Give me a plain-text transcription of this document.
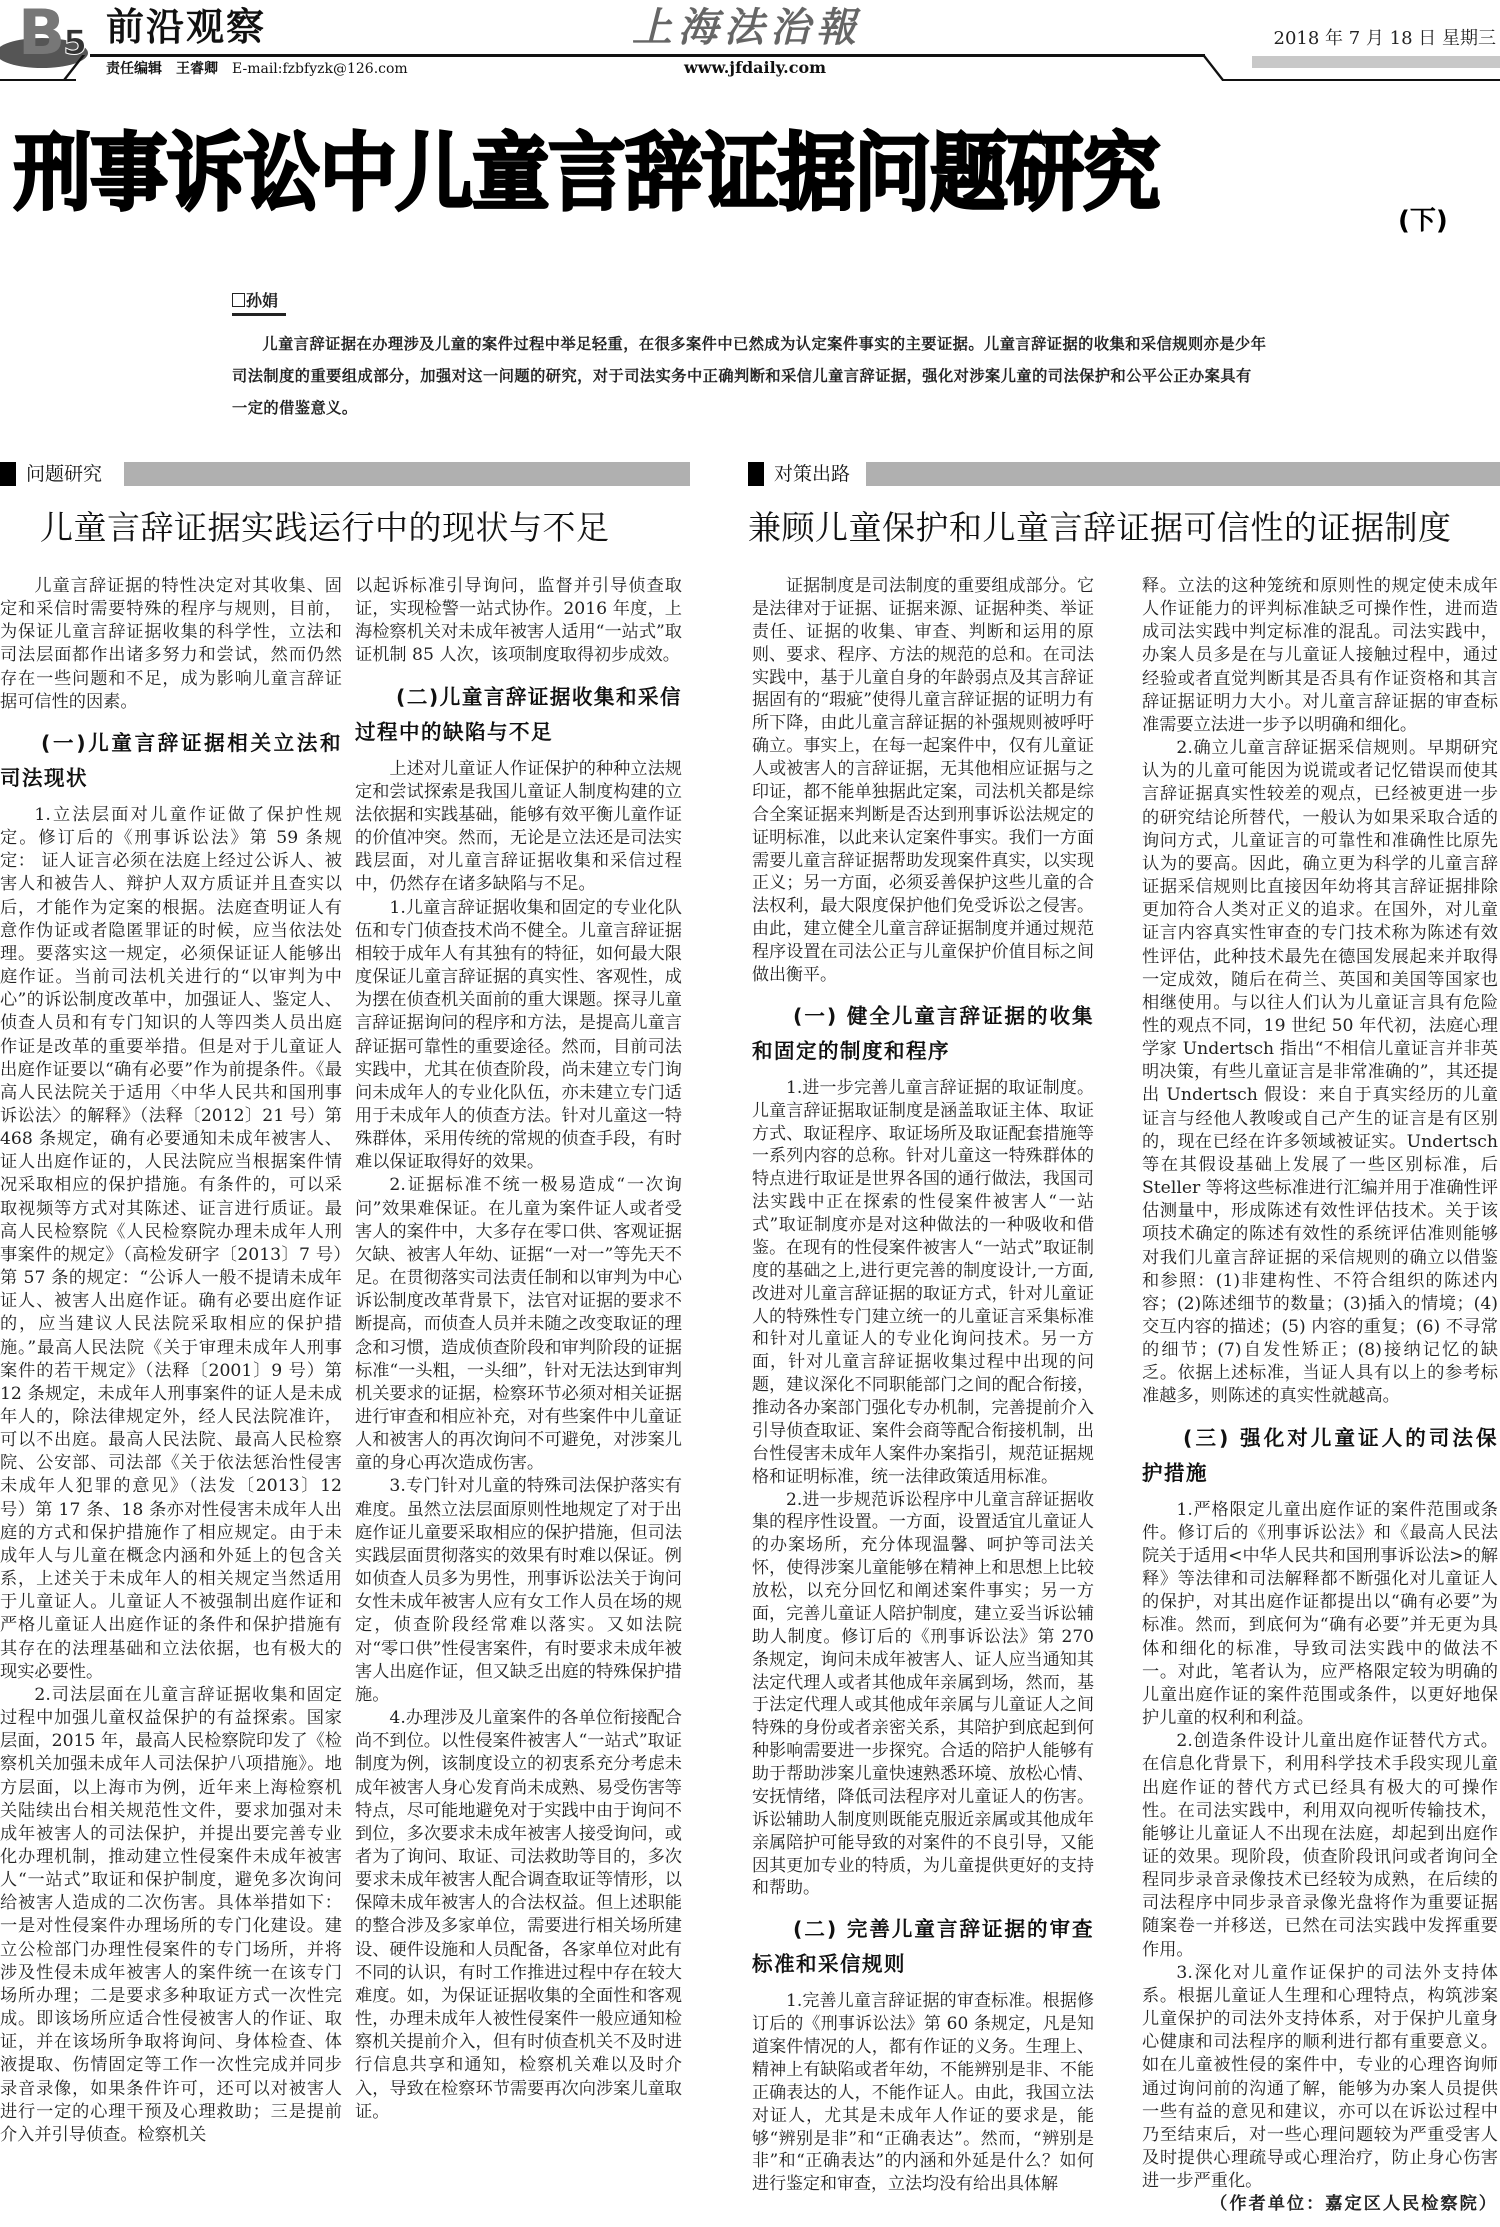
B5 前沿观察	上海法治報	2018 年 7 月 18 日 星期三
责任编辑 王睿卿 E-mail:fzbfyzk@126.com	www.jfdaily.com
刑事诉讼中儿童言辞证据问题研究	(下)
孙娟
儿童言辞证据在办理涉及儿童的案件过程中举足轻重，在很多案件中已然成为认定案件事实的主要证据。儿童言辞证据的收集和采信规则亦是少年司法制度的重要组成部分，加强对这一问题的研究，对于司法实务中正确判断和采信儿童言辞证据，强化对涉案儿童的司法保护和公平公正办案具有一定的借鉴意义。
问题研究
儿童言辞证据实践运行中的现状与不足
对策出路
兼顾儿童保护和儿童言辞证据可信性的证据制度

儿童言辞证据的特性决定对其收集、固定和采信时需要特殊的程序与规则，目前，为保证儿童言辞证据收集的科学性，立法和司法层面都作出诸多努力和尝试，然而仍然存在一些问题和不足，成为影响儿童言辞证据可信性的因素。

(一)儿童言辞证据相关立法和司法现状

1.立法层面对儿童作证做了保护性规定。修订后的《刑事诉讼法》第 59 条规定： 证人证言必须在法庭上经过公诉人、被害人和被告人、辩护人双方质证并且查实以后，才能作为定案的根据。法庭查明证人有意作伪证或者隐匿罪证的时候，应当依法处理。要落实这一规定，必须保证证人能够出庭作证。当前司法机关进行的“以审判为中心”的诉讼制度改革中，加强证人、鉴定人、侦查人员和有专门知识的人等四类人员出庭作证是改革的重要举措。但是对于儿童证人出庭作证要以“确有必要”作为前提条件。《最高人民法院关于适用〈中华人民共和国刑事诉讼法〉的解释》（法释〔2012〕21 号）第 468 条规定，确有必要通知未成年被害人、证人出庭作证的，人民法院应当根据案件情况采取相应的保护措施。有条件的，可以采取视频等方式对其陈述、证言进行质证。最高人民检察院《人民检察院办理未成年人刑事案件的规定》（高检发研字〔2013〕7 号）第 57 条的规定：“公诉人一般不提请未成年证人、被害人出庭作证。确有必要出庭作证的，应当建议人民法院采取相应的保护措施。”最高人民法院《关于审理未成年人刑事案件的若干规定》（法释〔2001〕9 号）第 12 条规定，未成年人刑事案件的证人是未成年人的，除法律规定外，经人民法院准许，可以不出庭。最高人民法院、最高人民检察院、公安部、司法部《关于依法惩治性侵害未成年人犯罪的意见》（法发〔2013〕12 号）第 17 条、18 条亦对性侵害未成年人出庭的方式和保护措施作了相应规定。由于未成年人与儿童在概念内涵和外延上的包含关系，上述关于未成年人的相关规定当然适用于儿童证人。儿童证人不被强制出庭作证和严格儿童证人出庭作证的条件和保护措施有其存在的法理基础和立法依据，也有极大的现实必要性。

2.司法层面在儿童言辞证据收集和固定过程中加强儿童权益保护的有益探索。国家层面，2015 年，最高人民检察院印发了《检察机关加强未成年人司法保护八项措施》。地方层面，以上海市为例，近年来上海检察机关陆续出台相关规范性文件，要求加强对未成年被害人的司法保护，并提出要完善专业化办理机制，推动建立性侵案件未成年被害人“一站式”取证和保护制度，避免多次询问给被害人造成的二次伤害。具体举措如下：一是对性侵案件办理场所的专门化建设。建立公检部门办理性侵案件的专门场所，并将涉及性侵未成年被害人的案件统一在该专门场所办理；二是要求多种取证方式一次性完成。即该场所应适合性侵被害人的作证、取证，并在该场所争取将询问、身体检查、体液提取、伤情固定等工作一次性完成并同步录音录像，如果条件许可，还可以对被害人进行一定的心理干预及心理救助；三是提前介入并引导侦查。检察机关

以起诉标准引导询问，监督并引导侦查取证，实现检警一站式协作。2016 年度，上海检察机关对未成年被害人适用“一站式”取证机制 85 人次，该项制度取得初步成效。

(二)儿童言辞证据收集和采信过程中的缺陷与不足

上述对儿童证人作证保护的种种立法规定和尝试探索是我国儿童证人制度构建的立法依据和实践基础，能够有效平衡儿童作证的价值冲突。然而，无论是立法还是司法实践层面，对儿童言辞证据收集和采信过程中，仍然存在诸多缺陷与不足。

1.儿童言辞证据收集和固定的专业化队伍和专门侦查技术尚不健全。儿童言辞证据相较于成年人有其独有的特征，如何最大限度保证儿童言辞证据的真实性、客观性，成为摆在侦查机关面前的重大课题。探寻儿童言辞证据询问的程序和方法，是提高儿童言辞证据可靠性的重要途径。然而，目前司法实践中，尤其在侦查阶段，尚未建立专门询问未成年人的专业化队伍，亦未建立专门适用于未成年人的侦查方法。针对儿童这一特殊群体，采用传统的常规的侦查手段，有时难以保证取得好的效果。

2.证据标准不统一极易造成“一次询问”效果难保证。在儿童为案件证人或者受害人的案件中，大多存在零口供、客观证据欠缺、被害人年幼、证据“一对一”等先天不足。在贯彻落实司法责任制和以审判为中心诉讼制度改革背景下，法官对证据的要求不断提高，而侦查人员并未随之改变取证的理念和习惯，造成侦查阶段和审判阶段的证据标准“一头粗，一头细”，针对无法达到审判机关要求的证据，检察环节必须对相关证据进行审查和相应补充，对有些案件中儿童证人和被害人的再次询问不可避免，对涉案儿童的身心再次造成伤害。

3.专门针对儿童的特殊司法保护落实有难度。虽然立法层面原则性地规定了对于出庭作证儿童要采取相应的保护措施，但司法实践层面贯彻落实的效果有时难以保证。例如侦查人员多为男性，刑事诉讼法关于询问女性未成年被害人应有女工作人员在场的规定，侦查阶段经常难以落实。又如法院对“零口供”性侵害案件，有时要求未成年被害人出庭作证，但又缺乏出庭的特殊保护措施。

4.办理涉及儿童案件的各单位衔接配合尚不到位。以性侵案件被害人“一站式”取证制度为例，该制度设立的初衷系充分考虑未成年被害人身心发育尚未成熟、易受伤害等特点，尽可能地避免对于实践中由于询问不到位，多次要求未成年被害人接受询问，或者为了询问、取证、司法救助等目的，多次要求未成年被害人配合调查取证等情形，以保障未成年被害人的合法权益。但上述职能的整合涉及多家单位，需要进行相关场所建设、硬件设施和人员配备，各家单位对此有不同的认识，有时工作推进过程中存在较大难度。如，为保证证据收集的全面性和客观性，办理未成年人被性侵案件一般应通知检察机关提前介入，但有时侦查机关不及时进行信息共享和通知，检察机关难以及时介入，导致在检察环节需要再次向涉案儿童取证。

证据制度是司法制度的重要组成部分。它是法律对于证据、证据来源、证据种类、举证责任、证据的收集、审查、判断和运用的原则、要求、程序、方法的规范的总和。在司法实践中，基于儿童自身的年龄弱点及其言辞证据固有的“瑕疵”使得儿童言辞证据的证明力有所下降，由此儿童言辞证据的补强规则被呼吁确立。事实上，在每一起案件中，仅有儿童证人或被害人的言辞证据，无其他相应证据与之印证，都不能单独据此定案，司法机关都是综合全案证据来判断是否达到刑事诉讼法规定的证明标准，以此来认定案件事实。我们一方面需要儿童言辞证据帮助发现案件真实，以实现正义；另一方面，必须妥善保护这些儿童的合法权利，最大限度保护他们免受诉讼之侵害。由此，建立健全儿童言辞证据制度并通过规范程序设置在司法公正与儿童保护价值目标之间做出衡平。

(一) 健全儿童言辞证据的收集和固定的制度和程序

1.进一步完善儿童言辞证据的取证制度。儿童言辞证据取证制度是涵盖取证主体、取证方式、取证程序、取证场所及取证配套措施等一系列内容的总称。针对儿童这一特殊群体的特点进行取证是世界各国的通行做法，我国司法实践中正在探索的性侵案件被害人“一站式”取证制度亦是对这种做法的一种吸收和借鉴。在现有的性侵案件被害人“一站式”取证制度的基础之上,进行更完善的制度设计,一方面,改进对儿童言辞证据的取证方式，针对儿童证人的特殊性专门建立统一的儿童证言采集标准和针对儿童证人的专业化询问技术。另一方面，针对儿童言辞证据收集过程中出现的问题，建议深化不同职能部门之间的配合衔接，推动各办案部门强化专办机制，完善提前介入引导侦查取证、案件会商等配合衔接机制，出台性侵害未成年人案件办案指引，规范证据规格和证明标准，统一法律政策适用标准。

2.进一步规范诉讼程序中儿童言辞证据收集的程序性设置。一方面，设置适宜儿童证人的办案场所，充分体现温馨、呵护等司法关怀，使得涉案儿童能够在精神上和思想上比较放松，以充分回忆和阐述案件事实；另一方面，完善儿童证人陪护制度，建立妥当诉讼辅助人制度。修订后的《刑事诉讼法》第 270 条规定，询问未成年被害人、证人应当通知其法定代理人或者其他成年亲属到场，然而，基于法定代理人或其他成年亲属与儿童证人之间特殊的身份或者亲密关系，其陪护到底起到何种影响需要进一步探究。合适的陪护人能够有助于帮助涉案儿童快速熟悉环境、放松心情、安抚情绪，降低司法程序对儿童证人的伤害。诉讼辅助人制度则既能克服近亲属或其他成年亲属陪护可能导致的对案件的不良引导，又能因其更加专业的特质，为儿童提供更好的支持和帮助。

(二) 完善儿童言辞证据的审查标准和采信规则

1.完善儿童言辞证据的审查标准。根据修订后的《刑事诉讼法》第 60 条规定，凡是知道案件情况的人，都有作证的义务。生理上、精神上有缺陷或者年幼，不能辨别是非、不能正确表达的人，不能作证人。由此，我国立法对证人，尤其是未成年人作证的要求是，能够“辨别是非”和“正确表达”。然而，“辨别是非”和“正确表达”的内涵和外延是什么？如何进行鉴定和审查，立法均没有给出具体解

释。立法的这种笼统和原则性的规定使未成年人作证能力的评判标准缺乏可操作性，进而造成司法实践中判定标准的混乱。司法实践中，办案人员多是在与儿童证人接触过程中，通过经验或者直觉判断其是否具有作证资格和其言辞证据证明力大小。对儿童言辞证据的审查标准需要立法进一步予以明确和细化。

2.确立儿童言辞证据采信规则。早期研究认为的儿童可能因为说谎或者记忆错误而使其言辞证据真实性较差的观点，已经被更进一步的研究结论所替代，一般认为如果采取合适的询问方式，儿童证言的可靠性和准确性比原先认为的要高。因此，确立更为科学的儿童言辞证据采信规则比直接因年幼将其言辞证据排除更加符合人类对正义的追求。在国外，对儿童证言内容真实性审查的专门技术称为陈述有效性评估，此种技术最先在德国发展起来并取得一定成效，随后在荷兰、英国和美国等国家也相继使用。与以往人们认为儿童证言具有危险性的观点不同，19 世纪 50 年代初，法庭心理学家 Undertsch 指出“不相信儿童证言并非英明决策，有些儿童证言是非常准确的”，其还提出 Undertsch 假设：来自于真实经历的儿童证言与经他人教唆或自己产生的证言是有区别的，现在已经在许多领域被证实。Undertsch 等在其假设基础上发展了一些区别标准，后 Steller 等将这些标准进行汇编并用于准确性评估测量中，形成陈述有效性评估技术。关于该项技术确定的陈述有效性的系统评估准则能够对我们儿童言辞证据的采信规则的确立以借鉴和参照：(1)非建构性、不符合组织的陈述内容；(2)陈述细节的数量；(3)插入的情境；(4)交互内容的描述；(5) 内容的重复；(6) 不寻常的细节；(7)自发性矫正；(8)接纳记忆的缺乏。依据上述标准，当证人具有以上的参考标准越多，则陈述的真实性就越高。

(三) 强化对儿童证人的司法保护措施

1.严格限定儿童出庭作证的案件范围或条件。修订后的《刑事诉讼法》和《最高人民法院关于适用<中华人民共和国刑事诉讼法>的解释》等法律和司法解释都不断强化对儿童证人的保护，对其出庭作证都提出以“确有必要”为标准。然而，到底何为“确有必要”并无更为具体和细化的标准，导致司法实践中的做法不一。对此，笔者认为，应严格限定较为明确的儿童出庭作证的案件范围或条件，以更好地保护儿童的权利和利益。

2.创造条件设计儿童出庭作证替代方式。在信息化背景下，利用科学技术手段实现儿童出庭作证的替代方式已经具有极大的可操作性。在司法实践中，利用双向视听传输技术，能够让儿童证人不出现在法庭，却起到出庭作证的效果。现阶段，侦查阶段讯问或者询问全程同步录音录像技术已经较为成熟，在后续的司法程序中同步录音录像光盘将作为重要证据随案卷一并移送，已然在司法实践中发挥重要作用。

3.深化对儿童作证保护的司法外支持体系。根据儿童证人生理和心理特点，构筑涉案儿童保护的司法外支持体系，对于保护儿童身心健康和司法程序的顺利进行都有重要意义。如在儿童被性侵的案件中，专业的心理咨询师通过询问前的沟通了解，能够为办案人员提供一些有益的意见和建议，亦可以在诉讼过程中乃至结束后，对一些心理问题较为严重受害人及时提供心理疏导或心理治疗，防止身心伤害进一步严重化。

（作者单位：嘉定区人民检察院）
